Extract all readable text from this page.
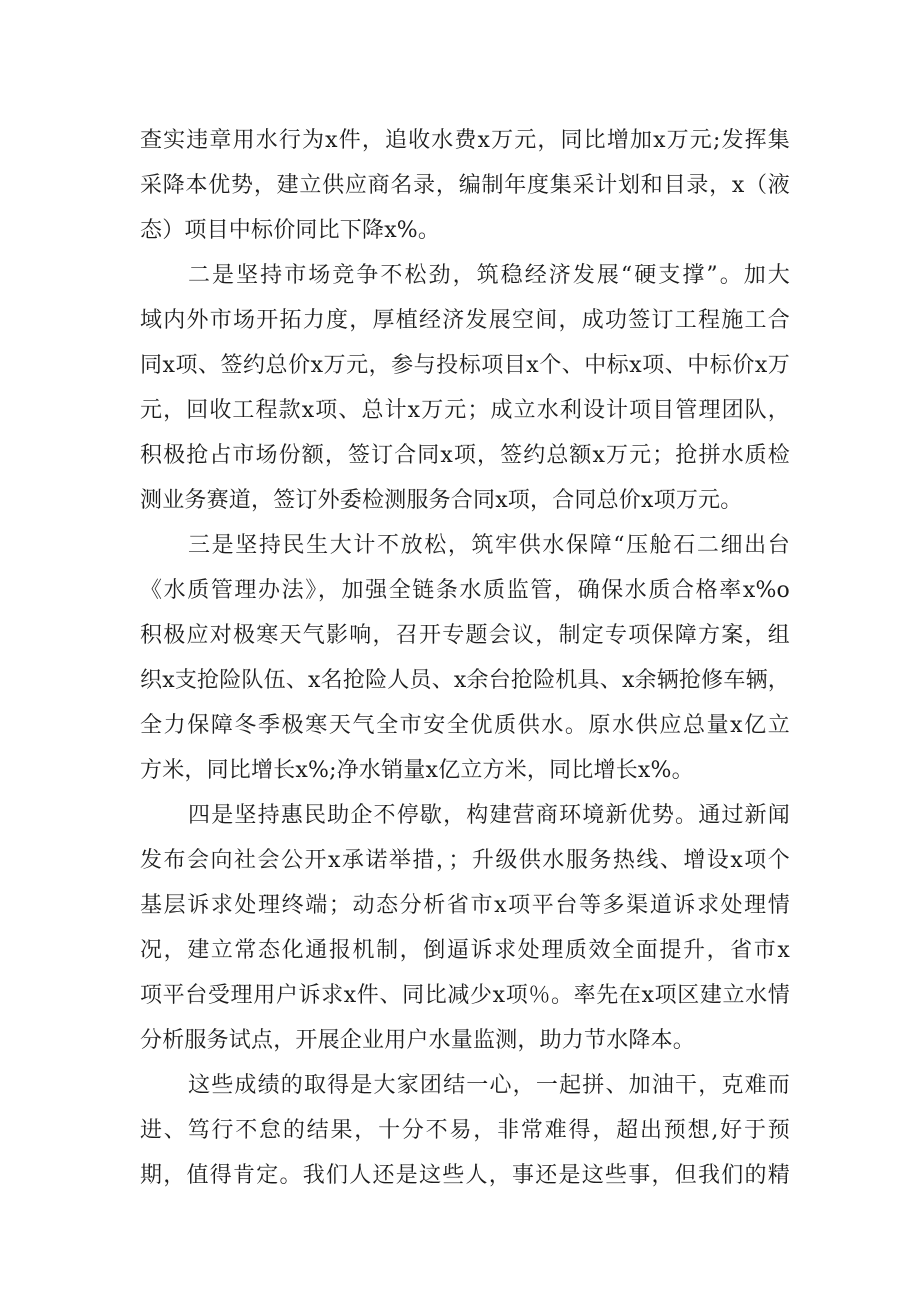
查实违章用水行为x件，追收水费x万元，同比增加x万元;发挥集
采降本优势，建立供应商名录，编制年度集采计划和目录，x（液
态）项目中标价同比下降x%。
二是坚持市场竞争不松劲，筑稳经济发展“硬支撑”。加大
域内外市场开拓力度，厚植经济发展空间，成功签订工程施工合
同x项、签约总价x万元，参与投标项目x个、中标x项、中标价x万
元，回收工程款x项、总计x万元；成立水利设计项目管理团队，
积极抢占市场份额，签订合同x项，签约总额x万元；抢拼水质检
测业务赛道，签订外委检测服务合同x项，合同总价x项万元。
三是坚持民生大计不放松，筑牢供水保障“压舱石二细出台
《水质管理办法》，加强全链条水质监管，确保水质合格率x%o
积极应对极寒天气影响，召开专题会议，制定专项保障方案，组
织x支抢险队伍、x名抢险人员、x余台抢险机具、x余辆抢修车辆，
全力保障冬季极寒天气全市安全优质供水。原水供应总量x亿立
方米，同比增长x%;净水销量x亿立方米，同比增长x%。
四是坚持惠民助企不停歇，构建营商环境新优势。通过新闻
发布会向社会公开x承诺举措，；升级供水服务热线、增设x项个
基层诉求处理终端；动态分析省市x项平台等多渠道诉求处理情
况，建立常态化通报机制，倒逼诉求处理质效全面提升，省市x
项平台受理用户诉求x件、同比减少x项％。率先在x项区建立水情
分析服务试点，开展企业用户水量监测，助力节水降本。
这些成绩的取得是大家团结一心，一起拼、加油干，克难而
进、笃行不怠的结果，十分不易，非常难得，超出预想,好于预
期，值得肯定。我们人还是这些人，事还是这些事，但我们的精
